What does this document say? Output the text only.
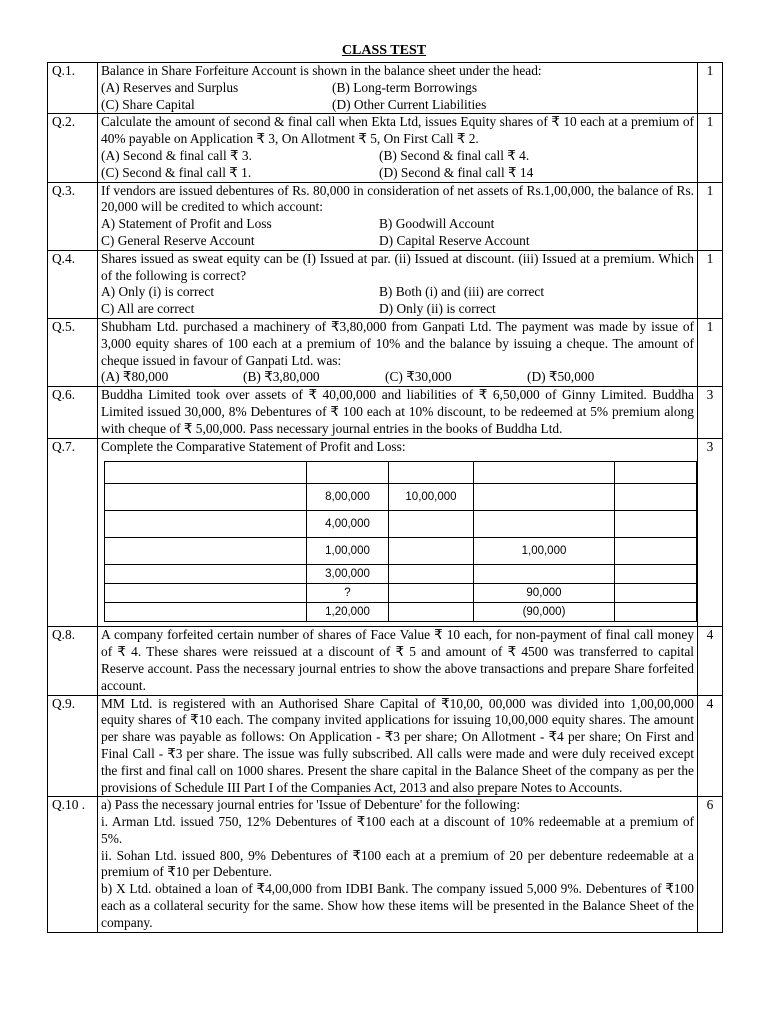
CLASS TEST
Q.1.	Balance in Share Forfeiture Account is shown in the balance sheet under the head:
(A) Reserves and Surplus	(B) Long-term Borrowings
(C) Share Capital	(D) Other Current Liabilities
	1
Q.2.	Calculate the amount of second & final call when Ekta Ltd, issues Equity shares of ₹ 10 each at a premium of 40% payable on Application ₹ 3, On Allotment ₹ 5, On First Call ₹ 2.
(A) Second & final call ₹ 3.	(B) Second & final call ₹ 4.
(C) Second & final call ₹ 1.	(D) Second & final call ₹ 14
	1
Q.3.	If vendors are issued debentures of Rs. 80,000 in consideration of net assets of Rs.1,00,000, the balance of Rs. 20,000 will be credited to which account:
A) Statement of Profit and Loss	B) Goodwill Account
C) General Reserve Account	D) Capital Reserve Account
	1
Q.4.	Shares issued as sweat equity can be (I) Issued at par. (ii) Issued at discount. (iii) Issued at a premium. Which of the following is correct?
A) Only (i) is correct	B) Both (i) and (iii) are correct
C) All are correct	D) Only (ii) is correct
	1
Q.5.	Shubham Ltd. purchased a machinery of ₹3,80,000 from Ganpati Ltd. The payment was made by issue of 3,000 equity shares of 100 each at a premium of 10% and the balance by issuing a cheque. The amount of cheque issued in favour of Ganpati Ltd. was:
(A) ₹80,000	(B) ₹3,80,000	(C) ₹30,000	(D) ₹50,000
	1
Q.6.	Buddha Limited took over assets of ₹ 40,00,000 and liabilities of ₹ 6,50,000 of Ginny Limited. Buddha Limited issued 30,000, 8% Debentures of ₹ 100 each at 10% discount, to be redeemed at 5% premium along with cheque of ₹ 5,00,000. Pass necessary journal entries in the books of Buddha Ltd.	3
Q.7.	Complete the Comparative Statement of Profit and Loss:

	8,00,000	10,00,000		
	4,00,000			
	1,00,000		1,00,000	
	3,00,000			
	?		90,000	
	1,20,000		(90,000)	
	3
Q.8.	A company forfeited certain number of shares of Face Value ₹ 10 each, for non-payment of final call money of ₹ 4. These shares were reissued at a discount of ₹ 5 and amount of ₹ 4500 was transferred to capital Reserve account. Pass the necessary journal entries to show the above transactions and prepare Share forfeited account.	4
Q.9.	MM Ltd. is registered with an Authorised Share Capital of ₹10,00, 00,000 was divided into 1,00,00,000 equity shares of ₹10 each. The company invited applications for issuing 10,00,000 equity shares. The amount per share was payable as follows: On Application - ₹3 per share; On Allotment - ₹4 per share; On First and Final Call - ₹3 per share. The issue was fully subscribed. All calls were made and were duly received except the first and final call on 1000 shares. Present the share capital in the Balance Sheet of the company as per the provisions of Schedule III Part I of the Companies Act, 2013 and also prepare Notes to Accounts.	4
Q.10 .	a) Pass the necessary journal entries for 'Issue of Debenture' for the following:
i. Arman Ltd. issued 750, 12% Debentures of ₹100 each at a discount of 10% redeemable at a premium of 5%.
ii. Sohan Ltd. issued 800, 9% Debentures of ₹100 each at a premium of 20 per debenture redeemable at a premium of ₹10 per Debenture.
b) X Ltd. obtained a loan of ₹4,00,000 from IDBI Bank. The company issued 5,000 9%. Debentures of ₹100 each as a collateral security for the same. Show how these items will be presented in the Balance Sheet of the company.
	6
